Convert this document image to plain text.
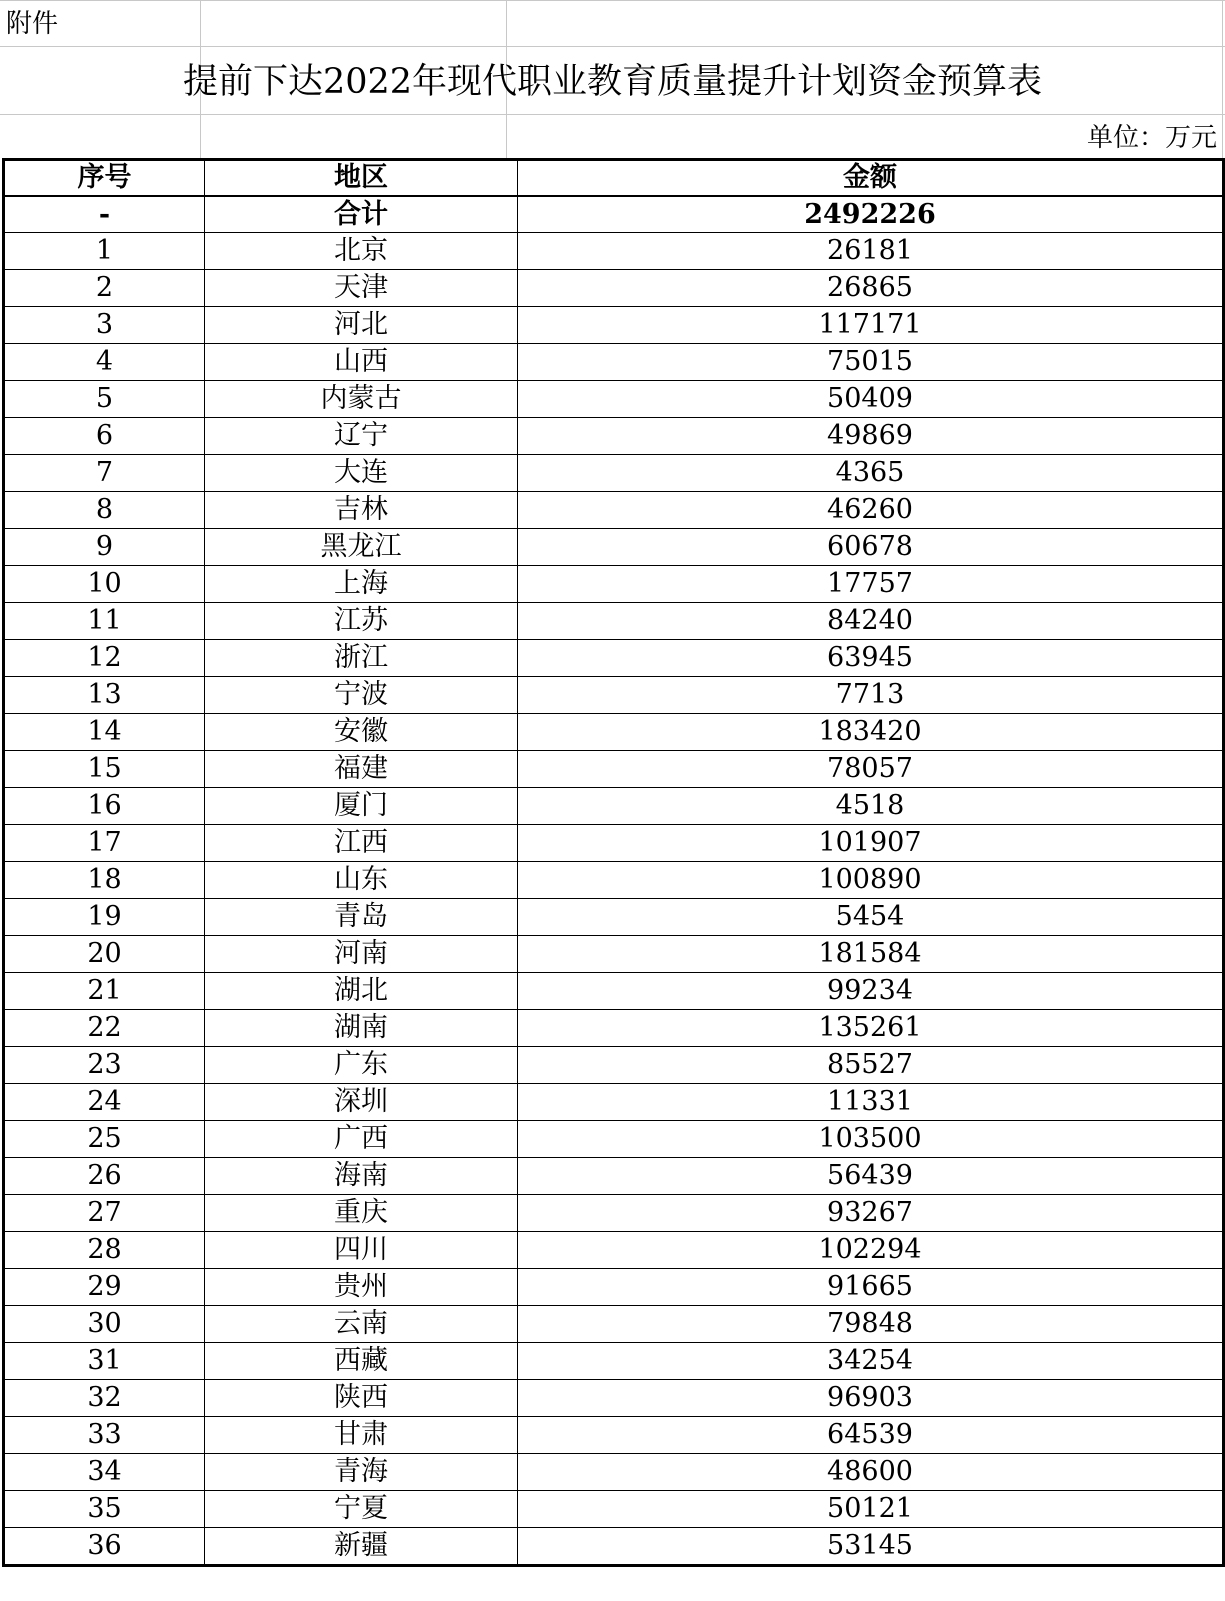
附件
提前下达2022年现代职业教育质量提升计划资金预算表
单位：万元
序号	地区	金额
-	合计	2492226
1	北京	26181
2	天津	26865
3	河北	117171
4	山西	75015
5	内蒙古	50409
6	辽宁	49869
7	大连	4365
8	吉林	46260
9	黑龙江	60678
10	上海	17757
11	江苏	84240
12	浙江	63945
13	宁波	7713
14	安徽	183420
15	福建	78057
16	厦门	4518
17	江西	101907
18	山东	100890
19	青岛	5454
20	河南	181584
21	湖北	99234
22	湖南	135261
23	广东	85527
24	深圳	11331
25	广西	103500
26	海南	56439
27	重庆	93267
28	四川	102294
29	贵州	91665
30	云南	79848
31	西藏	34254
32	陕西	96903
33	甘肃	64539
34	青海	48600
35	宁夏	50121
36	新疆	53145
